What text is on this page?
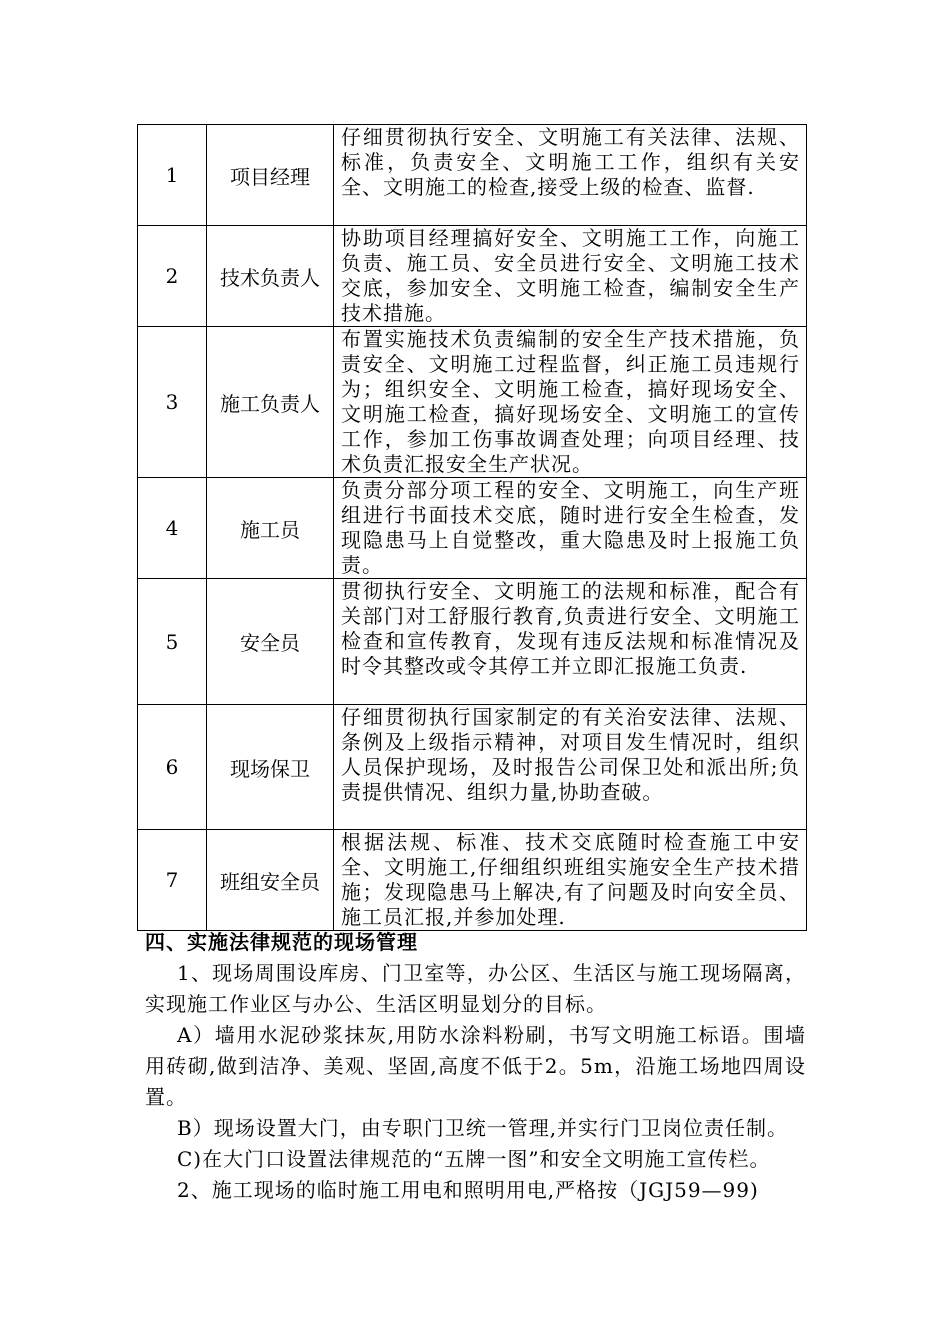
1	项目经理	仔细贯彻执行安全、文明施工有关法律、法规、标准，负责安全、文明施工工作，组织有关安全、文明施工的检查,接受上级的检查、监督.
2	技术负责人	协助项目经理搞好安全、文明施工工作，向施工负责、施工员、安全员进行安全、文明施工技术交底，参加安全、文明施工检查，编制安全生产技术措施。
3	施工负责人	布置实施技术负责编制的安全生产技术措施，负责安全、文明施工过程监督，纠正施工员违规行为；组织安全、文明施工检查，搞好现场安全、文明施工检查，搞好现场安全、文明施工的宣传工作，参加工伤事故调查处理；向项目经理、技术负责汇报安全生产状况。
4	施工员	负责分部分项工程的安全、文明施工，向生产班组进行书面技术交底，随时进行安全生检查，发现隐患马上自觉整改，重大隐患及时上报施工负责。
5	安全员	贯彻执行安全、文明施工的法规和标准，配合有关部门对工舒服行教育,负责进行安全、文明施工检查和宣传教育，发现有违反法规和标准情况及时令其整改或令其停工并立即汇报施工负责.
6	现场保卫	仔细贯彻执行国家制定的有关治安法律、法规、条例及上级指示精神，对项目发生情况时，组织人员保护现场，及时报告公司保卫处和派出所;负责提供情况、组织力量,协助查破。
7	班组安全员	根据法规、标准、技术交底随时检查施工中安全、文明施工,仔细组织班组实施安全生产技术措施；发现隐患马上解决,有了问题及时向安全员、施工员汇报,并参加处理.

四、实施法律规范的现场管理

1、现场周围设库房、门卫室等，办公区、生活区与施工现场隔离，实现施工作业区与办公、生活区明显划分的目标。

A）墙用水泥砂浆抹灰,用防水涂料粉刷，书写文明施工标语。围墙用砖砌,做到洁净、美观、坚固,高度不低于2。5m，沿施工场地四周设置。

B）现场设置大门，由专职门卫统一管理,并实行门卫岗位责任制。

C)在大门口设置法律规范的“五牌一图”和安全文明施工宣传栏。

2、施工现场的临时施工用电和照明用电,严格按（JGJ59—99)
